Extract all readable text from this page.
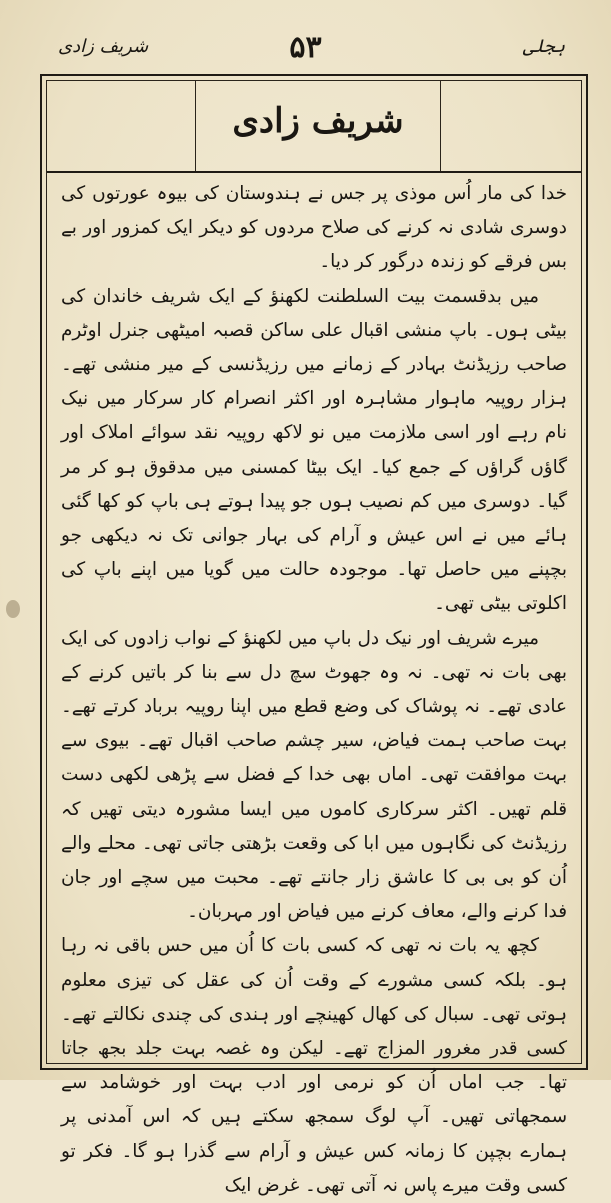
شریف زادی	۵۳	ہجلی
شریف زادی

خدا کی مار اُس موذی پر جس نے ہندوستان کی بیوہ عورتوں کی دوسری شادی نہ کرنے کی صلاح مردوں کو دیکر ایک کمزور اور بے بس فرقے کو زندہ درگور کر دیا۔

میں بدقسمت بیت السلطنت لکھنؤ کے ایک شریف خاندان کی بیٹی ہوں۔ باپ منشی اقبال علی ساکن قصبہ امیٹھی جنرل اوٹرم صاحب رزیڈنٹ بہادر کے زمانے میں رزیڈنسی کے میر منشی تھے۔ ہزار روپیہ ماہوار مشاہرہ اور اکثر انصرام کار سرکار میں نیک نام رہے اور اسی ملازمت میں نو لاکھ روپیہ نقد سوائے املاک اور گاؤں گراؤں کے جمع کیا۔ ایک بیٹا کمسنی میں مدقوق ہو کر مر گیا۔ دوسری میں کم نصیب ہوں جو پیدا ہوتے ہی باپ کو کھا گئی ہائے میں نے اس عیش و آرام کی بہار جوانی تک نہ دیکھی جو بچپنے میں حاصل تھا۔ موجودہ حالت میں گویا میں اپنے باپ کی اکلوتی بیٹی تھی۔

میرے شریف اور نیک دل باپ میں لکھنؤ کے نواب زادوں کی ایک بھی بات نہ تھی۔ نہ وہ جھوٹ سچ دل سے بنا کر باتیں کرنے کے عادی تھے۔ نہ پوشاک کی وضع قطع میں اپنا روپیہ برباد کرتے تھے۔ بہت صاحب ہمت فیاض، سیر چشم صاحب اقبال تھے۔ بیوی سے بہت موافقت تھی۔ اماں بھی خدا کے فضل سے پڑھی لکھی دست قلم تھیں۔ اکثر سرکاری کاموں میں ایسا مشورہ دیتی تھیں کہ رزیڈنٹ کی نگاہوں میں ابا کی وقعت بڑھتی جاتی تھی۔ محلے والے اُن کو بی بی کا عاشق زار جانتے تھے۔ محبت میں سچے اور جان فدا کرنے والے، معاف کرنے میں فیاض اور مہربان۔

کچھ یہ بات نہ تھی کہ کسی بات کا اُن میں حس باقی نہ رہا ہو۔ بلکہ کسی مشورے کے وقت اُن کی عقل کی تیزی معلوم ہوتی تھی۔ سبال کی کھال کھینچے اور ہندی کی چندی نکالتے تھے۔ کسی قدر مغرور المزاج تھے۔ لیکن وہ غصہ بہت جلد بجھ جاتا تھا۔ جب اماں اُن کو نرمی اور ادب بہت اور خوشامد سے سمجھاتی تھیں۔ آپ لوگ سمجھ سکتے ہیں کہ اس آمدنی پر ہمارے بچپن کا زمانہ کس عیش و آرام سے گذرا ہو گا۔ فکر تو کسی وقت میرے پاس نہ آتی تھی۔ غرض ایک
